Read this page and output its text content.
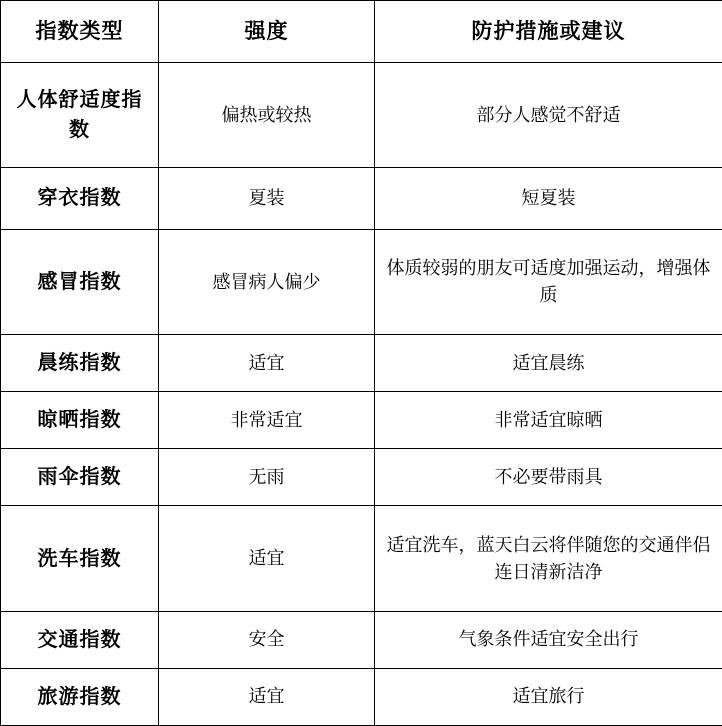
指数类型	强度	防护措施或建议
人体舒适度指数	偏热或较热	部分人感觉不舒适
穿衣指数	夏装	短夏装
感冒指数	感冒病人偏少	体质较弱的朋友可适度加强运动，增强体质
晨练指数	适宜	适宜晨练
晾晒指数	非常适宜	非常适宜晾晒
雨伞指数	无雨	不必要带雨具
洗车指数	适宜	适宜洗车，蓝天白云将伴随您的交通伴侣连日清新洁净
交通指数	安全	气象条件适宜安全出行
旅游指数	适宜	适宜旅行
